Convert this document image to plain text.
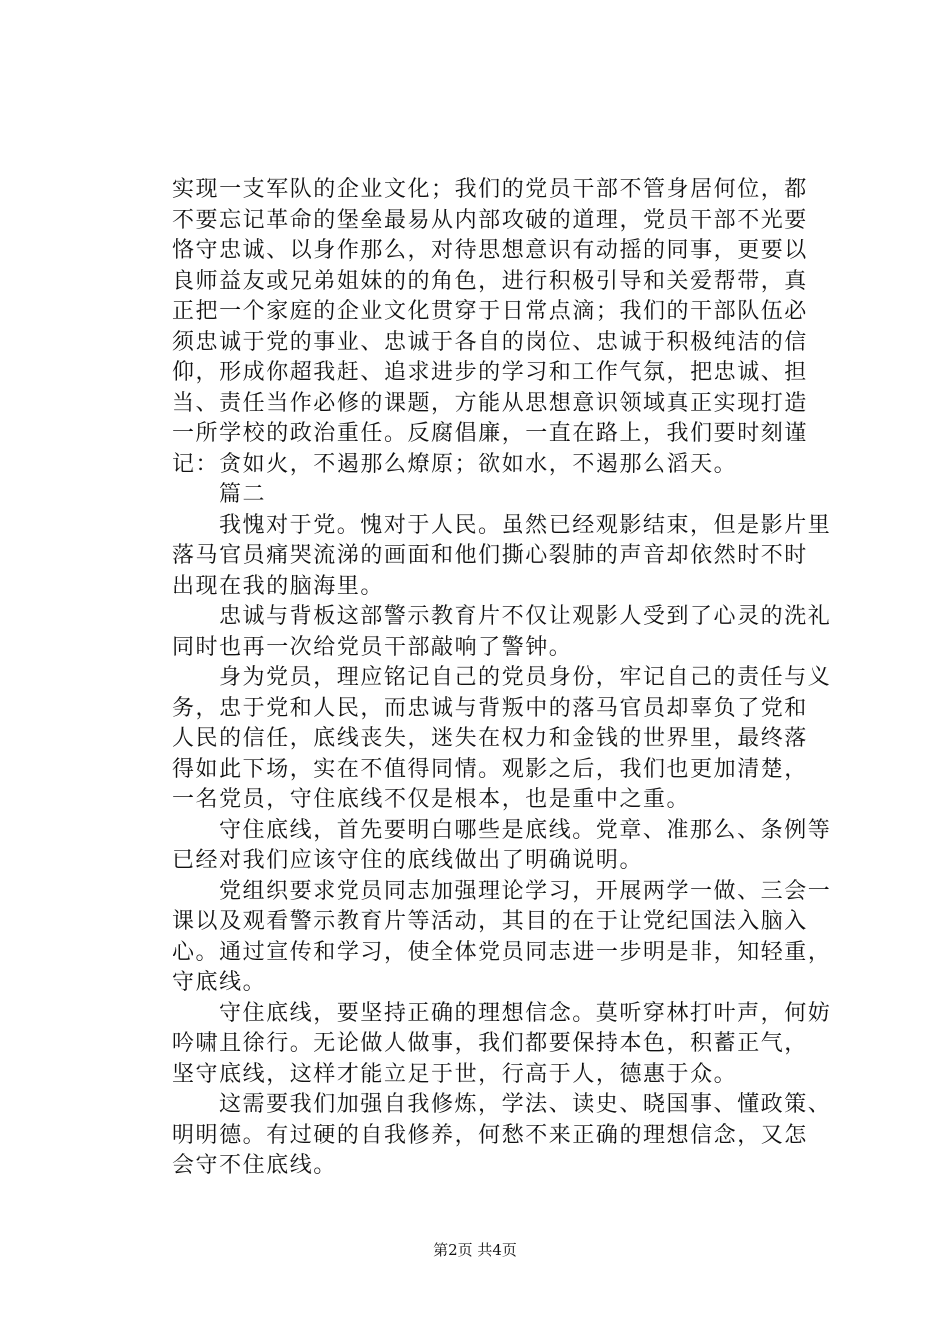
实现一支军队的企业文化；我们的党员干部不管身居何位，都
不要忘记革命的堡垒最易从内部攻破的道理，党员干部不光要
恪守忠诚、以身作那么，对待思想意识有动摇的同事，更要以
良师益友或兄弟姐妹的的角色，进行积极引导和关爱帮带，真
正把一个家庭的企业文化贯穿于日常点滴；我们的干部队伍必
须忠诚于党的事业、忠诚于各自的岗位、忠诚于积极纯洁的信
仰，形成你超我赶、追求进步的学习和工作气氛，把忠诚、担
当、责任当作必修的课题，方能从思想意识领域真正实现打造
一所学校的政治重任。反腐倡廉，一直在路上，我们要时刻谨
记：贪如火，不遏那么燎原；欲如水，不遏那么滔天。
篇二
我愧对于党。愧对于人民。虽然已经观影结束，但是影片里
落马官员痛哭流涕的画面和他们撕心裂肺的声音却依然时不时
出现在我的脑海里。
忠诚与背板这部警示教育片不仅让观影人受到了心灵的洗礼
同时也再一次给党员干部敲响了警钟。
身为党员，理应铭记自己的党员身份，牢记自己的责任与义
务，忠于党和人民，而忠诚与背叛中的落马官员却辜负了党和
人民的信任，底线丧失，迷失在权力和金钱的世界里，最终落
得如此下场，实在不值得同情。观影之后，我们也更加清楚，
一名党员，守住底线不仅是根本，也是重中之重。
守住底线，首先要明白哪些是底线。党章、准那么、条例等
已经对我们应该守住的底线做出了明确说明。
党组织要求党员同志加强理论学习，开展两学一做、三会一
课以及观看警示教育片等活动，其目的在于让党纪国法入脑入
心。通过宣传和学习，使全体党员同志进一步明是非，知轻重，
守底线。
守住底线，要坚持正确的理想信念。莫听穿林打叶声，何妨
吟啸且徐行。无论做人做事，我们都要保持本色，积蓄正气，
坚守底线，这样才能立足于世，行高于人，德惠于众。
这需要我们加强自我修炼，学法、读史、晓国事、懂政策、
明明德。有过硬的自我修养，何愁不来正确的理想信念，又怎
会守不住底线。
第2页 共4页
